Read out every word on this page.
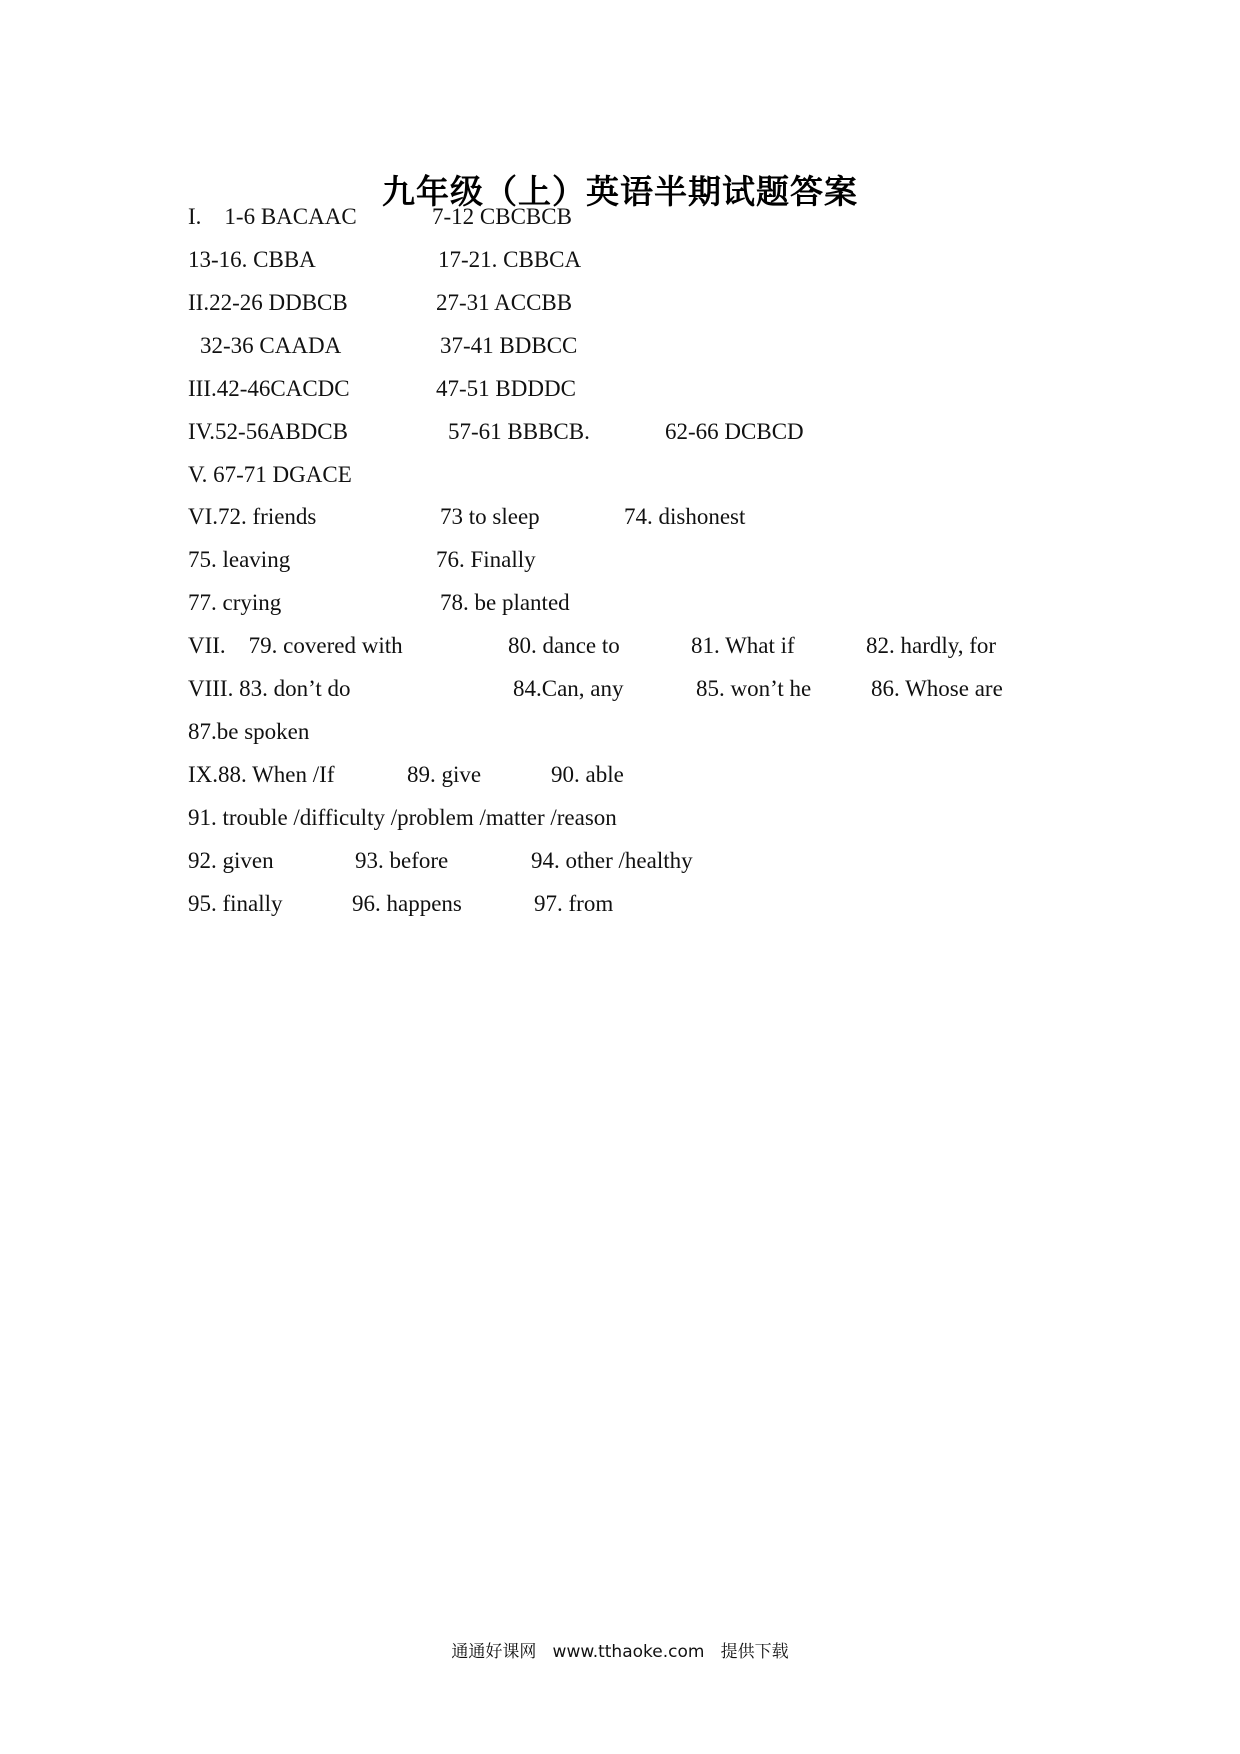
九年级（上）英语半期试题答案
I.    1-6 BACAAC	7-12 CBCBCB
13-16. CBBA	17-21. CBBCA
II.22-26 DDBCB	27-31 ACCBB
32-36 CAADA	37-41 BDBCC
III.42-46CACDC	47-51 BDDDC
IV.52-56ABDCB	57-61 BBBCB.	62-66 DCBCD
V. 67-71 DGACE
VI.72. friends	73 to sleep	74. dishonest
75. leaving	76. Finally
77. crying	78. be planted
VII.    79. covered with	80. dance to	81. What if	82. hardly, for
VIII. 83. don’t do	84.Can, any	85. won’t he	86. Whose are
87.be spoken
IX.88. When /If	89. give	90. able
91. trouble /difficulty /problem /matter /reason
92. given	93. before	94. other /healthy
95. finally	96. happens	97. from
通通好课网 www.tthaoke.com 提供下载
